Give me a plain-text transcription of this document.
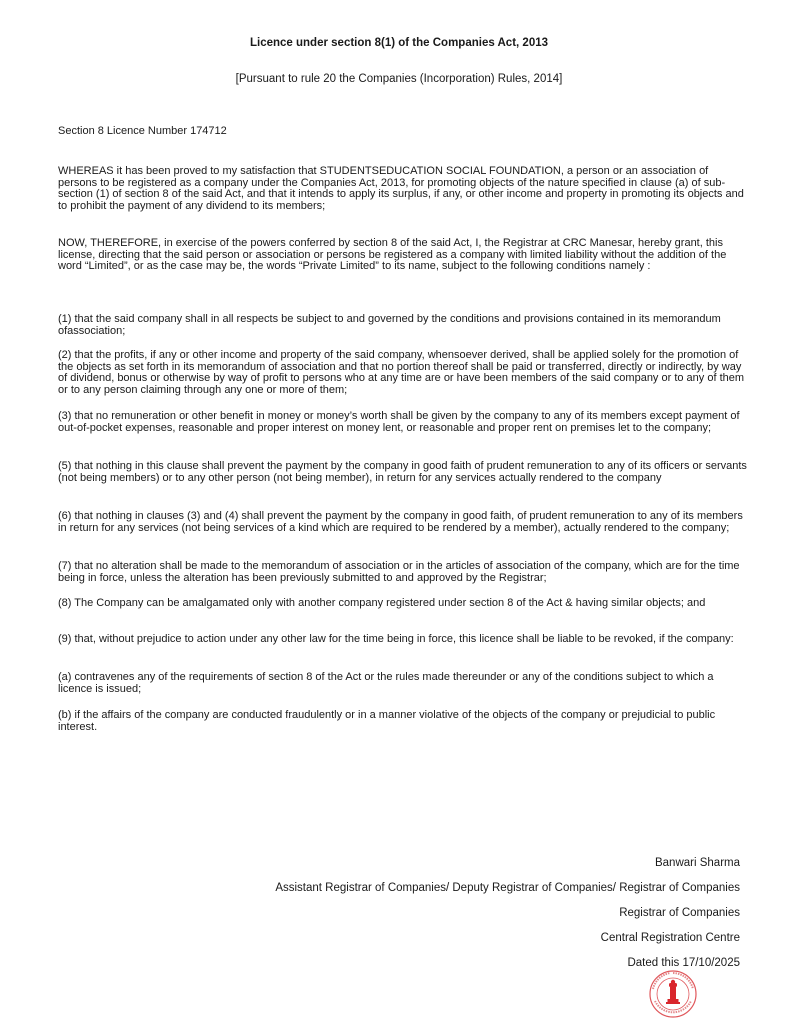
Licence under section 8(1) of the Companies Act, 2013
[Pursuant to rule 20 the Companies (Incorporation) Rules, 2014]
Section 8 Licence Number 174712

WHEREAS it has been proved to my satisfaction that STUDENTSEDUCATION SOCIAL FOUNDATION, a person or an association of persons to be registered as a company under the Companies Act, 2013, for promoting objects of the nature specified in clause (a) of sub-section (1) of section 8 of the said Act, and that it intends to apply its surplus, if any, or other income and property in promoting its objects and to prohibit the payment of any dividend to its members;

NOW, THEREFORE, in exercise of the powers conferred by section 8 of the said Act, I, the Registrar at CRC Manesar, hereby grant, this license, directing that the said person or association or persons be registered as a company with limited liability without the addition of the word “Limited”, or as the case may be, the words “Private Limited” to its name, subject to the following conditions namely :

(1) that the said company shall in all respects be subject to and governed by the conditions and provisions contained in its memorandum ofassociation;

(2) that the profits, if any or other income and property of the said company, whensoever derived, shall be applied solely for the promotion of the objects as set forth in its memorandum of association and that no portion thereof shall be paid or transferred, directly or indirectly, by way of dividend, bonus or otherwise by way of profit to persons who at any time are or have been members of the said company or to any of them or to any person claiming through any one or more of them;

(3) that no remuneration or other benefit in money or money’s worth shall be given by the company to any of its members except payment of out-of-pocket expenses, reasonable and proper interest on money lent, or reasonable and proper rent on premises let to the company;

(5) that nothing in this clause shall prevent the payment by the company in good faith of prudent remuneration to any of its officers or servants (not being members) or to any other person (not being member), in return for any services actually rendered to the company

(6) that nothing in clauses (3) and (4) shall prevent the payment by the company in good faith, of prudent remuneration to any of its members in return for any services (not being services of a kind which are required to be rendered by a member), actually rendered to the company;

(7) that no alteration shall be made to the memorandum of association or in the articles of association of the company, which are for the time being in force, unless the alteration has been previously submitted to and approved by the Registrar;

(8) The Company can be amalgamated only with another company registered under section 8 of the Act & having similar objects; and

(9) that, without prejudice to action under any other law for the time being in force, this licence shall be liable to be revoked, if the company:

(a) contravenes any of the requirements of section 8 of the Act or the rules made thereunder or any of the conditions subject to which a licence is issued;

(b) if the affairs of the company are conducted fraudulently or in a manner violative of the objects of the company or prejudicial to public interest.

Banwari Sharma
Assistant Registrar of Companies/ Deputy Registrar of Companies/ Registrar of Companies
Registrar of Companies
Central Registration Centre
Dated this 17/10/2025
